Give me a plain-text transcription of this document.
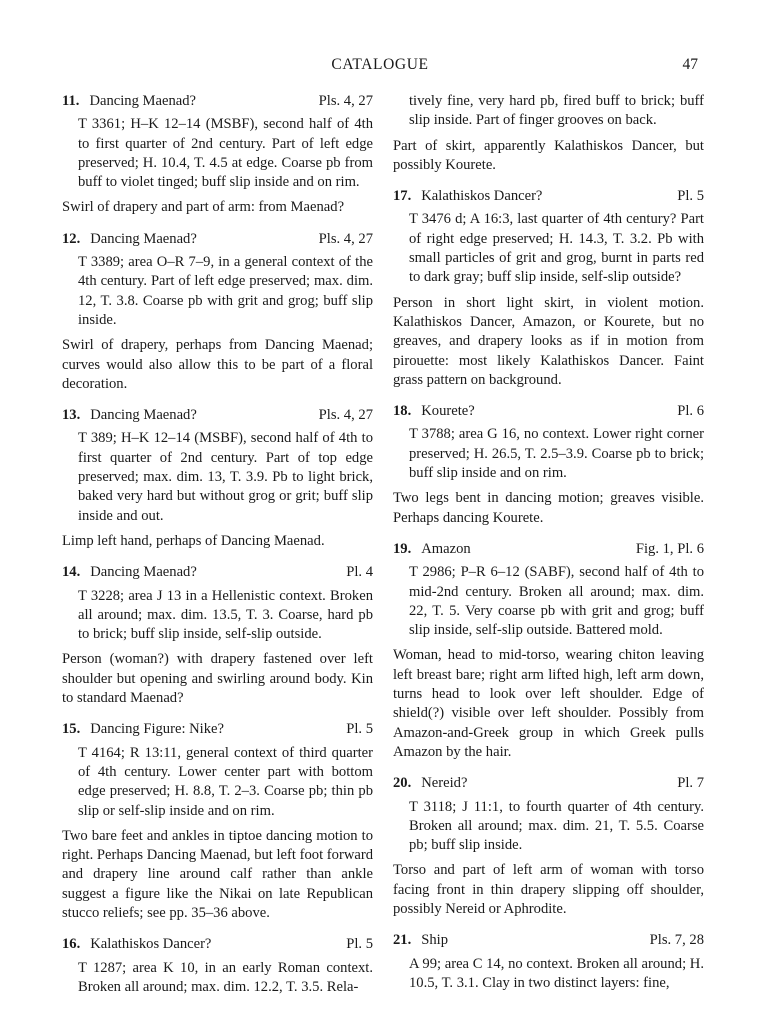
CATALOGUE	47
11. Dancing Maenad?	Pls. 4, 27

T 3361; H–K 12–14 (MSBF), second half of 4th to first quarter of 2nd century. Part of left edge preserved; H. 10.4, T. 4.5 at edge. Coarse pb from buff to violet tinged; buff slip inside and on rim.

Swirl of drapery and part of arm: from Maenad?

12. Dancing Maenad?	Pls. 4, 27

T 3389; area O–R 7–9, in a general context of the 4th century. Part of left edge preserved; max. dim. 12, T. 3.8. Coarse pb with grit and grog; buff slip inside.

Swirl of drapery, perhaps from Dancing Maenad; curves would also allow this to be part of a floral decoration.

13. Dancing Maenad?	Pls. 4, 27

T 389; H–K 12–14 (MSBF), second half of 4th to first quarter of 2nd century. Part of top edge preserved; max. dim. 13, T. 3.9. Pb to light brick, baked very hard but without grog or grit; buff slip inside and out.

Limp left hand, perhaps of Dancing Maenad.

14. Dancing Maenad?	Pl. 4

T 3228; area J 13 in a Hellenistic context. Broken all around; max. dim. 13.5, T. 3. Coarse, hard pb to brick; buff slip inside, self-slip outside.

Person (woman?) with drapery fastened over left shoulder but opening and swirling around body. Kin to standard Maenad?

15. Dancing Figure: Nike?	Pl. 5

T 4164; R 13:11, general context of third quarter of 4th century. Lower center part with bottom edge preserved; H. 8.8, T. 2–3. Coarse pb; thin pb slip or self-slip inside and on rim.

Two bare feet and ankles in tiptoe dancing motion to right. Perhaps Dancing Maenad, but left foot forward and drapery line around calf rather than ankle suggest a figure like the Nikai on late Republican stucco reliefs; see pp. 35–36 above.

16. Kalathiskos Dancer?	Pl. 5

T 1287; area K 10, in an early Roman context. Broken all around; max. dim. 12.2, T. 3.5. Rela-

tively fine, very hard pb, fired buff to brick; buff slip inside. Part of finger grooves on back.

Part of skirt, apparently Kalathiskos Dancer, but possibly Kourete.

17. Kalathiskos Dancer?	Pl. 5

T 3476 d; A 16:3, last quarter of 4th century? Part of right edge preserved; H. 14.3, T. 3.2. Pb with small particles of grit and grog, burnt in parts red to dark gray; buff slip inside, self-slip outside?

Person in short light skirt, in violent motion. Kalathiskos Dancer, Amazon, or Kourete, but no greaves, and drapery looks as if in motion from pirouette: most likely Kalathiskos Dancer. Faint grass pattern on background.

18. Kourete?	Pl. 6

T 3788; area G 16, no context. Lower right corner preserved; H. 26.5, T. 2.5–3.9. Coarse pb to brick; buff slip inside and on rim.

Two legs bent in dancing motion; greaves visible. Perhaps dancing Kourete.

19. Amazon	Fig. 1, Pl. 6

T 2986; P–R 6–12 (SABF), second half of 4th to mid-2nd century. Broken all around; max. dim. 22, T. 5. Very coarse pb with grit and grog; buff slip inside, self-slip outside. Battered mold.

Woman, head to mid-torso, wearing chiton leaving left breast bare; right arm lifted high, left arm down, turns head to look over left shoulder. Edge of shield(?) visible over left shoulder. Possibly from Amazon-and-Greek group in which Greek pulls Amazon by the hair.

20. Nereid?	Pl. 7

T 3118; J 11:1, to fourth quarter of 4th century. Broken all around; max. dim. 21, T. 5.5. Coarse pb; buff slip inside.

Torso and part of left arm of woman with torso facing front in thin drapery slipping off shoulder, possibly Nereid or Aphrodite.

21. Ship	Pls. 7, 28

A 99; area C 14, no context. Broken all around; H. 10.5, T. 3.1. Clay in two distinct layers: fine,
